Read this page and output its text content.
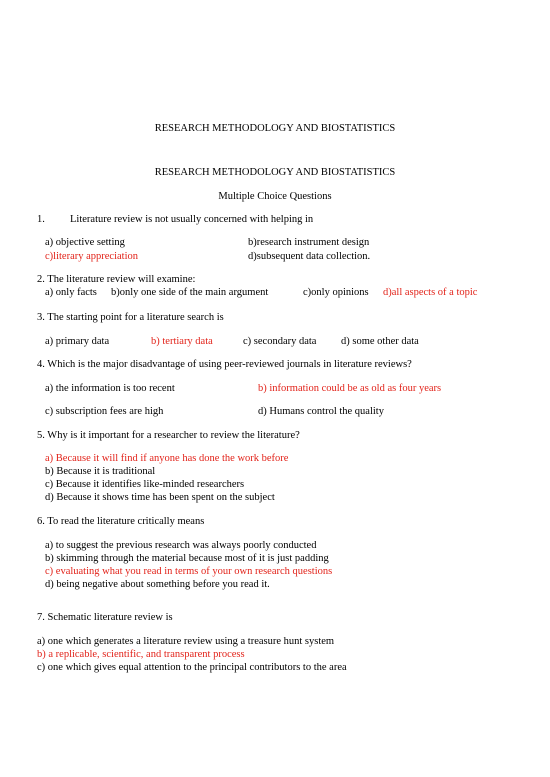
RESEARCH METHODOLOGY AND BIOSTATISTICS
RESEARCH METHODOLOGY AND BIOSTATISTICS
Multiple Choice Questions
1. Literature review is not usually concerned with helping in
a) objective setting	b)research instrument design
c)literary appreciation	d)subsequent data collection.
2. The literature review will examine:
a) only facts b)only one side of the main argument	c)only opinions d)all aspects of a topic
3. The starting point for a literature search is
a) primary data	b) tertiary data	c) secondary data d) some other data
4. Which is the major disadvantage of using peer-reviewed journals in literature reviews?
a) the information is too recent	b) information could be as old as four years
c) subscription fees are high	d) Humans control the quality
5. Why is it important for a researcher to review the literature?
a) Because it will find if anyone has done the work before
b) Because it is traditional
c) Because it identifies like-minded researchers
d) Because it shows time has been spent on the subject
6. To read the literature critically means
a) to suggest the previous research was always poorly conducted
b) skimming through the material because most of it is just padding
c) evaluating what you read in terms of your own research questions
d) being negative about something before you read it.
7. Schematic literature review is
a) one which generates a literature review using a treasure hunt system
b) a replicable, scientific, and transparent process
c) one which gives equal attention to the principal contributors to the area
